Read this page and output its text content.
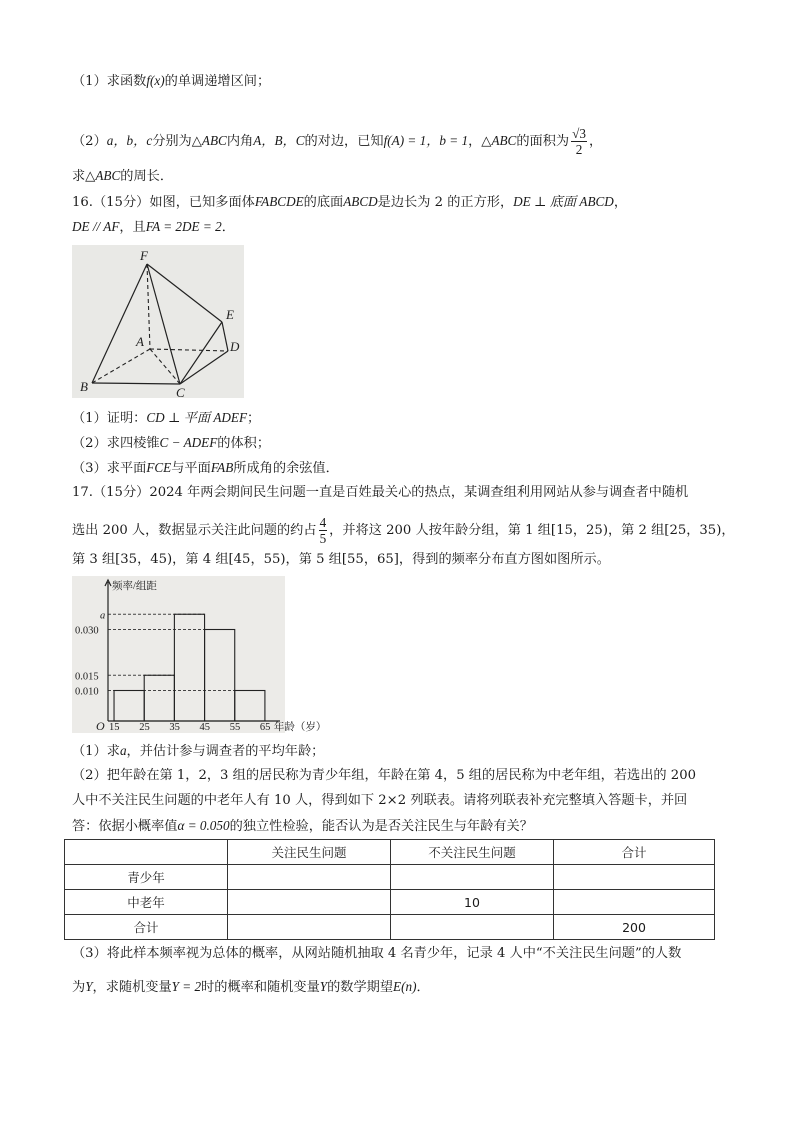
（1）求函数f(x)的单调递增区间；
（2）a，b，c分别为△ABC内角A，B，C的对边，已知f(A) = 1，b = 1，△ABC的面积为 $\frac{√3}{2}$ ，
求△ABC的周长．
16.（15分）如图，已知多面体FABCDE的底面ABCD是边长为 2 的正方形，DE ⊥ 底面 ABCD，
DE // AF，且FA = 2DE = 2．
F
E
A	D
B	C
（1）证明：CD ⊥ 平面 ADEF；
（2）求四棱锥C − ADEF的体积；
（3）求平面FCE与平面FAB所成角的余弦值．
17.（15分）2024 年两会期间民生问题一直是百姓最关心的热点，某调查组利用网站从参与调查者中随机
选出 200 人，数据显示关注此问题的约占 $\frac{4}{5}$ ，并将这 200 人按年龄分组，第 1 组[15，25)，第 2 组[25，35)，
第 3 组[35，45)，第 4 组[45，55)，第 5 组[55，65]，得到的频率分布直方图如图所示。
频率/组距
O
0.010
0.015
0.030
a
15 25 35 45 55 65 年龄（岁）
（1）求a，并估计参与调查者的平均年龄；
（2）把年龄在第 1，2，3 组的居民称为青少年组，年龄在第 4，5 组的居民称为中老年组，若选出的 200
人中不关注民生问题的中老年人有 10 人，得到如下 2×2 列联表。请将列联表补充完整填入答题卡，并回
答：依据小概率值α = 0.050的独立性检验，能否认为是否关注民生与年龄有关？
	关注民生问题	不关注民生问题	合计
青少年			
中老年		10	
合计			200
（3）将此样本频率视为总体的概率，从网站随机抽取 4 名青少年，记录 4 人中“不关注民生问题”的人数
为Y，求随机变量Y = 2时的概率和随机变量Y的数学期望E(n)．
